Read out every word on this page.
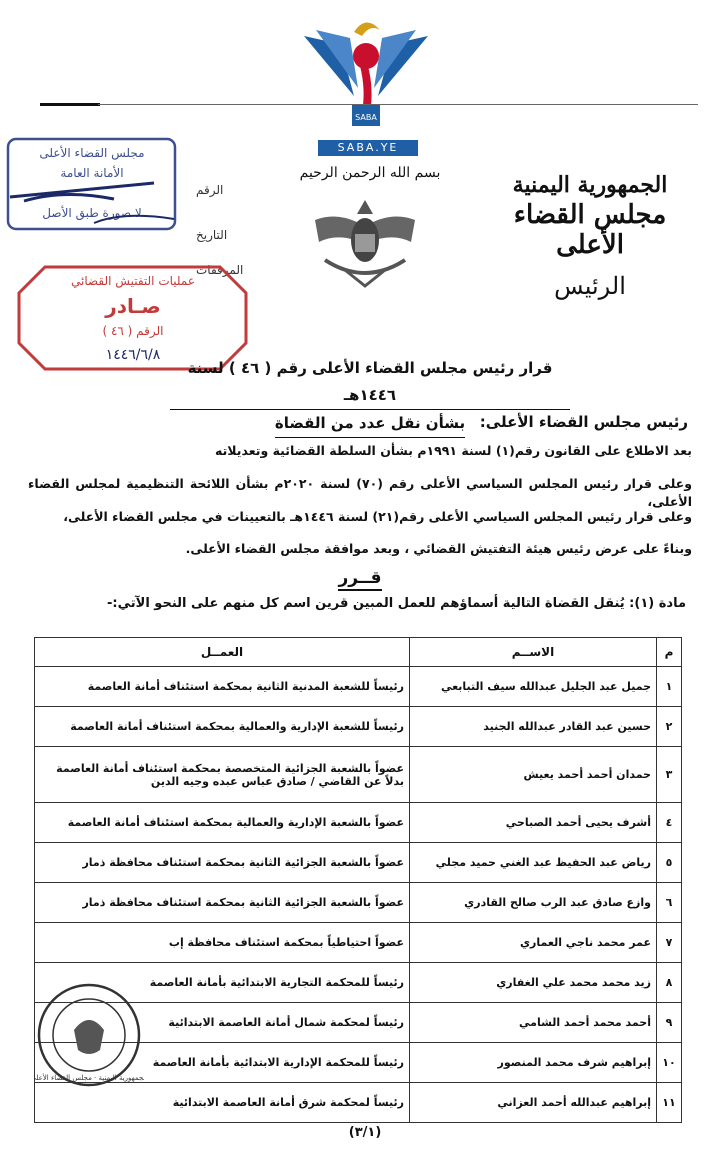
SABA
SABA.YE
الجمهورية اليمنية
مجلس القضاء الأعلى
الرئيس
بسم الله الرحمن الرحيم
الرقم
التاريخ
المرفقات
مجلس القضاء الأعلى
الأمانة العامة
لا صورة طبق الأصل
عمليات التفتيش القضائي
صـادر
الرقم ( ٤٦ )
١٤٤٦/٦/٨
قرار رئيس مجلس القضاء الأعلى رقم ( ٤٦ ) لسنة ١٤٤٦هـ
بشأن نقل عدد من القضاة رئيس مجلس القضاء الأعلى:
بعد الاطلاع على القانون رقم(١) لسنة ١٩٩١م بشأن السلطة القضائية وتعديلاته
وعلى قرار رئيس المجلس السياسي الأعلى رقم (٧٠) لسنة ٢٠٢٠م بشأن اللائحة التنظيمية لمجلس القضاء الأعلى،
وعلى قرار رئيس المجلس السياسي الأعلى رقم(٢١) لسنة ١٤٤٦هـ بالتعيينات في مجلس القضاء الأعلى،
وبناءً على عرض رئيس هيئة التفتيش القضائي ، وبعد موافقة مجلس القضاء الأعلى.
قــرر
مادة (١): يُنقل القضاة التالية أسماؤهم للعمل المبين قرين اسم كل منهم على النحو الآتي:-
م	الاســم	العمــل
١	جميل عبد الجليل عبدالله سيف التبابعي	رئيساً للشعبة المدنية الثانية بمحكمة استئناف أمانة العاصمة
٢	حسين عبد القادر عبدالله الجنيد	رئيساً للشعبة الإدارية والعمالية بمحكمة استئناف أمانة العاصمة
٣	حمدان أحمد أحمد يعيش	عضواً بالشعبة الجزائية المتخصصة بمحكمة استئناف أمانة العاصمة بدلاً عن القاضي / صادق عباس عبده وجيه الدين
٤	أشرف يحيى أحمد الصباحي	عضواً بالشعبة الإدارية والعمالية بمحكمة استئناف أمانة العاصمة
٥	رياض عبد الحفيظ عبد الغني حميد مجلي	عضواً بالشعبة الجزائية الثانية بمحكمة استئناف محافظة ذمار
٦	وازع صادق عبد الرب صالح القادري	عضواً بالشعبة الجزائية الثانية بمحكمة استئناف محافظة ذمار
٧	عمر محمد ناجي العماري	عضواً احتياطياً بمحكمة استئناف محافظة إب
٨	زيد محمد محمد علي الغفاري	رئيساً للمحكمة التجارية الابتدائية بأمانة العاصمة
٩	أحمد محمد أحمد الشامي	رئيساً لمحكمة شمال أمانة العاصمة الابتدائية
١٠	إبراهيم شرف محمد المنصور	رئيساً للمحكمة الإدارية الابتدائية بأمانة العاصمة
١١	إبراهيم عبدالله أحمد العزاني	رئيساً لمحكمة شرق أمانة العاصمة الابتدائية
الجمهورية اليمنية · مجلس القضاء الأعلى
(٣/١)
